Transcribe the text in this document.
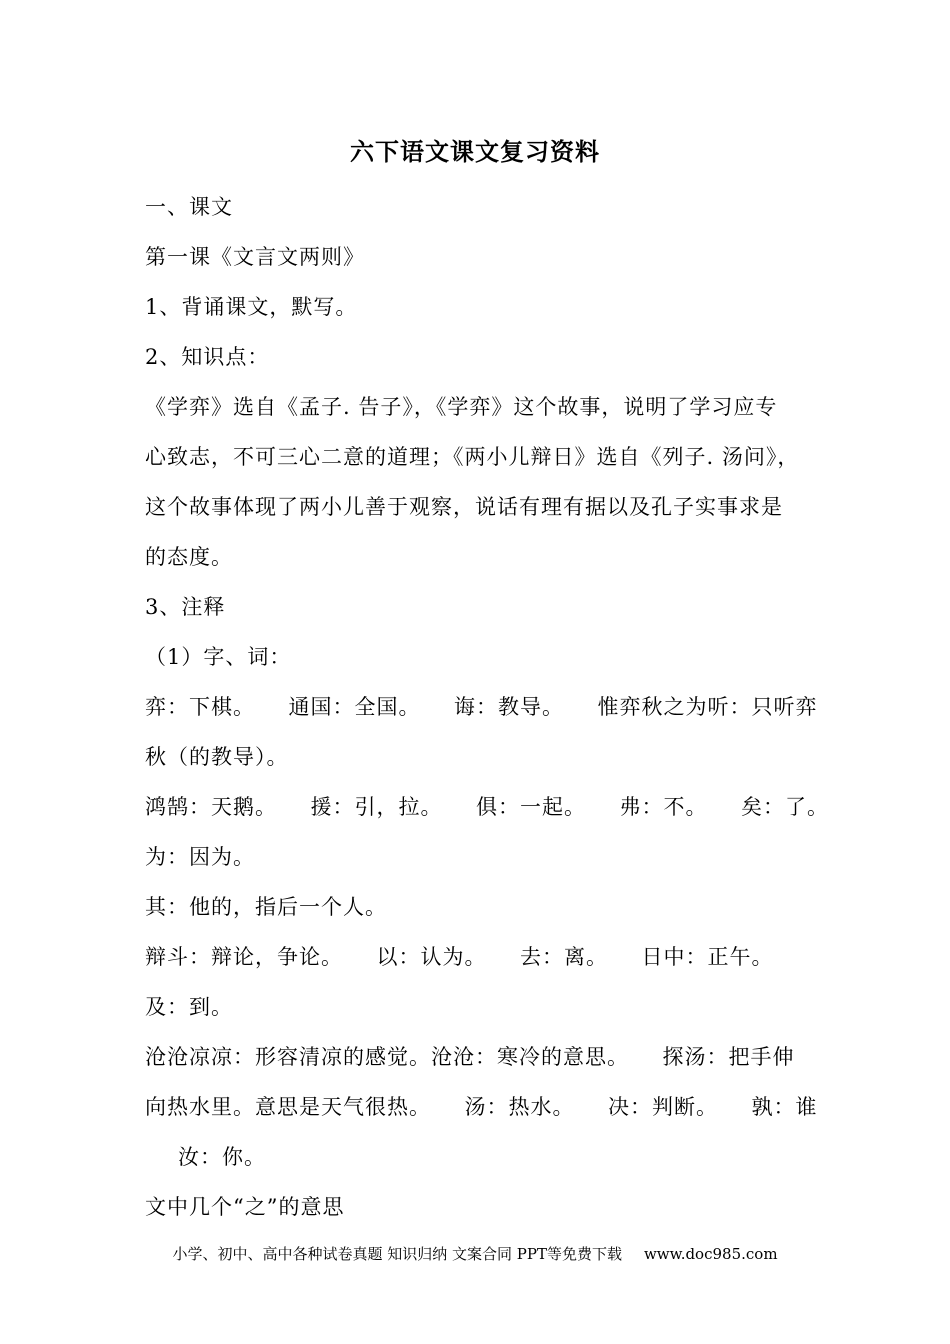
六下语文课文复习资料
一、课文
第一课《文言文两则》
1、背诵课文，默写。
2、知识点：
《学弈》选自《孟子. 告子》，《学弈》这个故事，说明了学习应专
心致志，不可三心二意的道理；《两小儿辩日》选自《列子. 汤问》，
这个故事体现了两小儿善于观察，说话有理有据以及孔子实事求是
的态度。
3、注释
（1）字、词：
弈：下棋。　　通国：全国。　　诲：教导。　　惟弈秋之为听：只听弈
秋（的教导）。
鸿鹄：天鹅。　　援：引，拉。　　俱：一起。　　弗：不。　　矣：了。
为：因为。
其：他的，指后一个人。
辩斗：辩论，争论。　　以：认为。　　去：离。　　日中：正午。
及：到。
沧沧凉凉：形容清凉的感觉。沧沧：寒冷的意思。　　探汤：把手伸
向热水里。意思是天气很热。　　汤：热水。　　决：判断。　　孰：谁
汝：你。
文中几个“之”的意思
小学、初中、高中各种试卷真题 知识归纳 文案合同 PPT等免费下载 www.doc985.com
